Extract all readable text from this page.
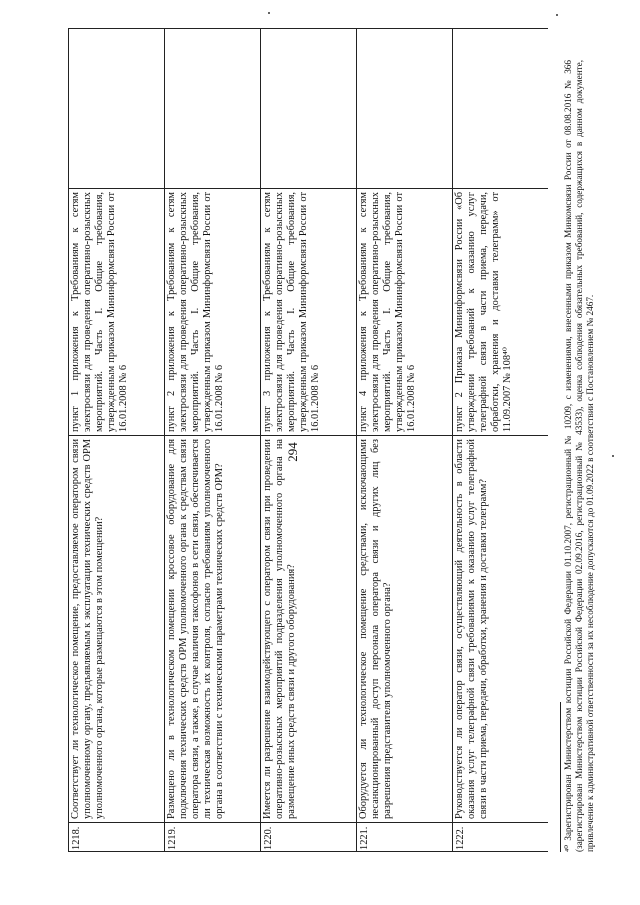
294
1218.	Соответствует ли технологическое помещение, предоставляемое оператором связи уполномоченному органу, предъявляемым к эксплуатации технических средств ОРМ уполномоченного органа, которые размещаются в этом помещении?	пункт 1 приложения к Требованиям к сетям электросвязи для проведения оперативно-розыскных мероприятий. Часть I. Общие требования, утвержденным приказом Мининформсвязи России от 16.01.2008 № 6	
1219.	Размещено ли в технологическом помещении кроссовое оборудование для подключения технических средств ОРМ уполномоченного органа к средствам связи оператора связи, а также, в случае наличия таксофонов в сети связи, обеспечивается ли техническая возможность их контроля, согласно требованиям уполномоченного органа в соответствии с техническими параметрами технических средств ОРМ?	пункт 2 приложения к Требованиям к сетям электросвязи для проведения оперативно-розыскных мероприятий. Часть I. Общие требования, утвержденным приказом Мининформсвязи России от 16.01.2008 № 6	
1220.	Имеется ли разрешение взаимодействующего с оператором связи при проведении оперативно-розыскных мероприятий подразделения уполномоченного органа на размещение иных средств связи и другого оборудования?	пункт 3 приложения к Требованиям к сетям электросвязи для проведения оперативно-розыскных мероприятий. Часть I. Общие требования, утвержденным приказом Мининформсвязи России от 16.01.2008 № 6	
1221.	Оборудуется ли технологическое помещение средствами, исключающими несанкционированный доступ персонала оператора связи и других лиц без разрешения представителя уполномоченного органа?	пункт 4 приложения к Требованиям к сетям электросвязи для проведения оперативно-розыскных мероприятий. Часть I. Общие требования, утвержденным приказом Мининформсвязи России от 16.01.2008 № 6	
1222.	Руководствуется ли оператор связи, осуществляющий деятельность в области оказания услуг телеграфной связи требованиями к оказанию услуг телеграфной связи в части приема, передачи, обработки, хранения и доставки телеграмм?	пункт 2 Приказа Мининформсвязи России «Об утверждении требований к оказанию услуг телеграфной связи в части приема, передачи, обработки, хранения и доставки телеграмм» от 11.09.2007 № 108⁴⁰		⁴⁰ Зарегистрирован Министерством юстиции Российской Федерации 01.10.2007, регистрационный № 10209, с изменениями, внесенными приказом Минкомсвязи России от 08.08.2016 № 366 (зарегистрирован Министерством юстиции Российской Федерации 02.09.2016, регистрационный № 43533), оценка соблюдения обязательных требований, содержащихся в данном документе, привлечение к административной ответственности за их несоблюдение допускаются до 01.09.2022 в соответствии с Постановлением № 2467.
